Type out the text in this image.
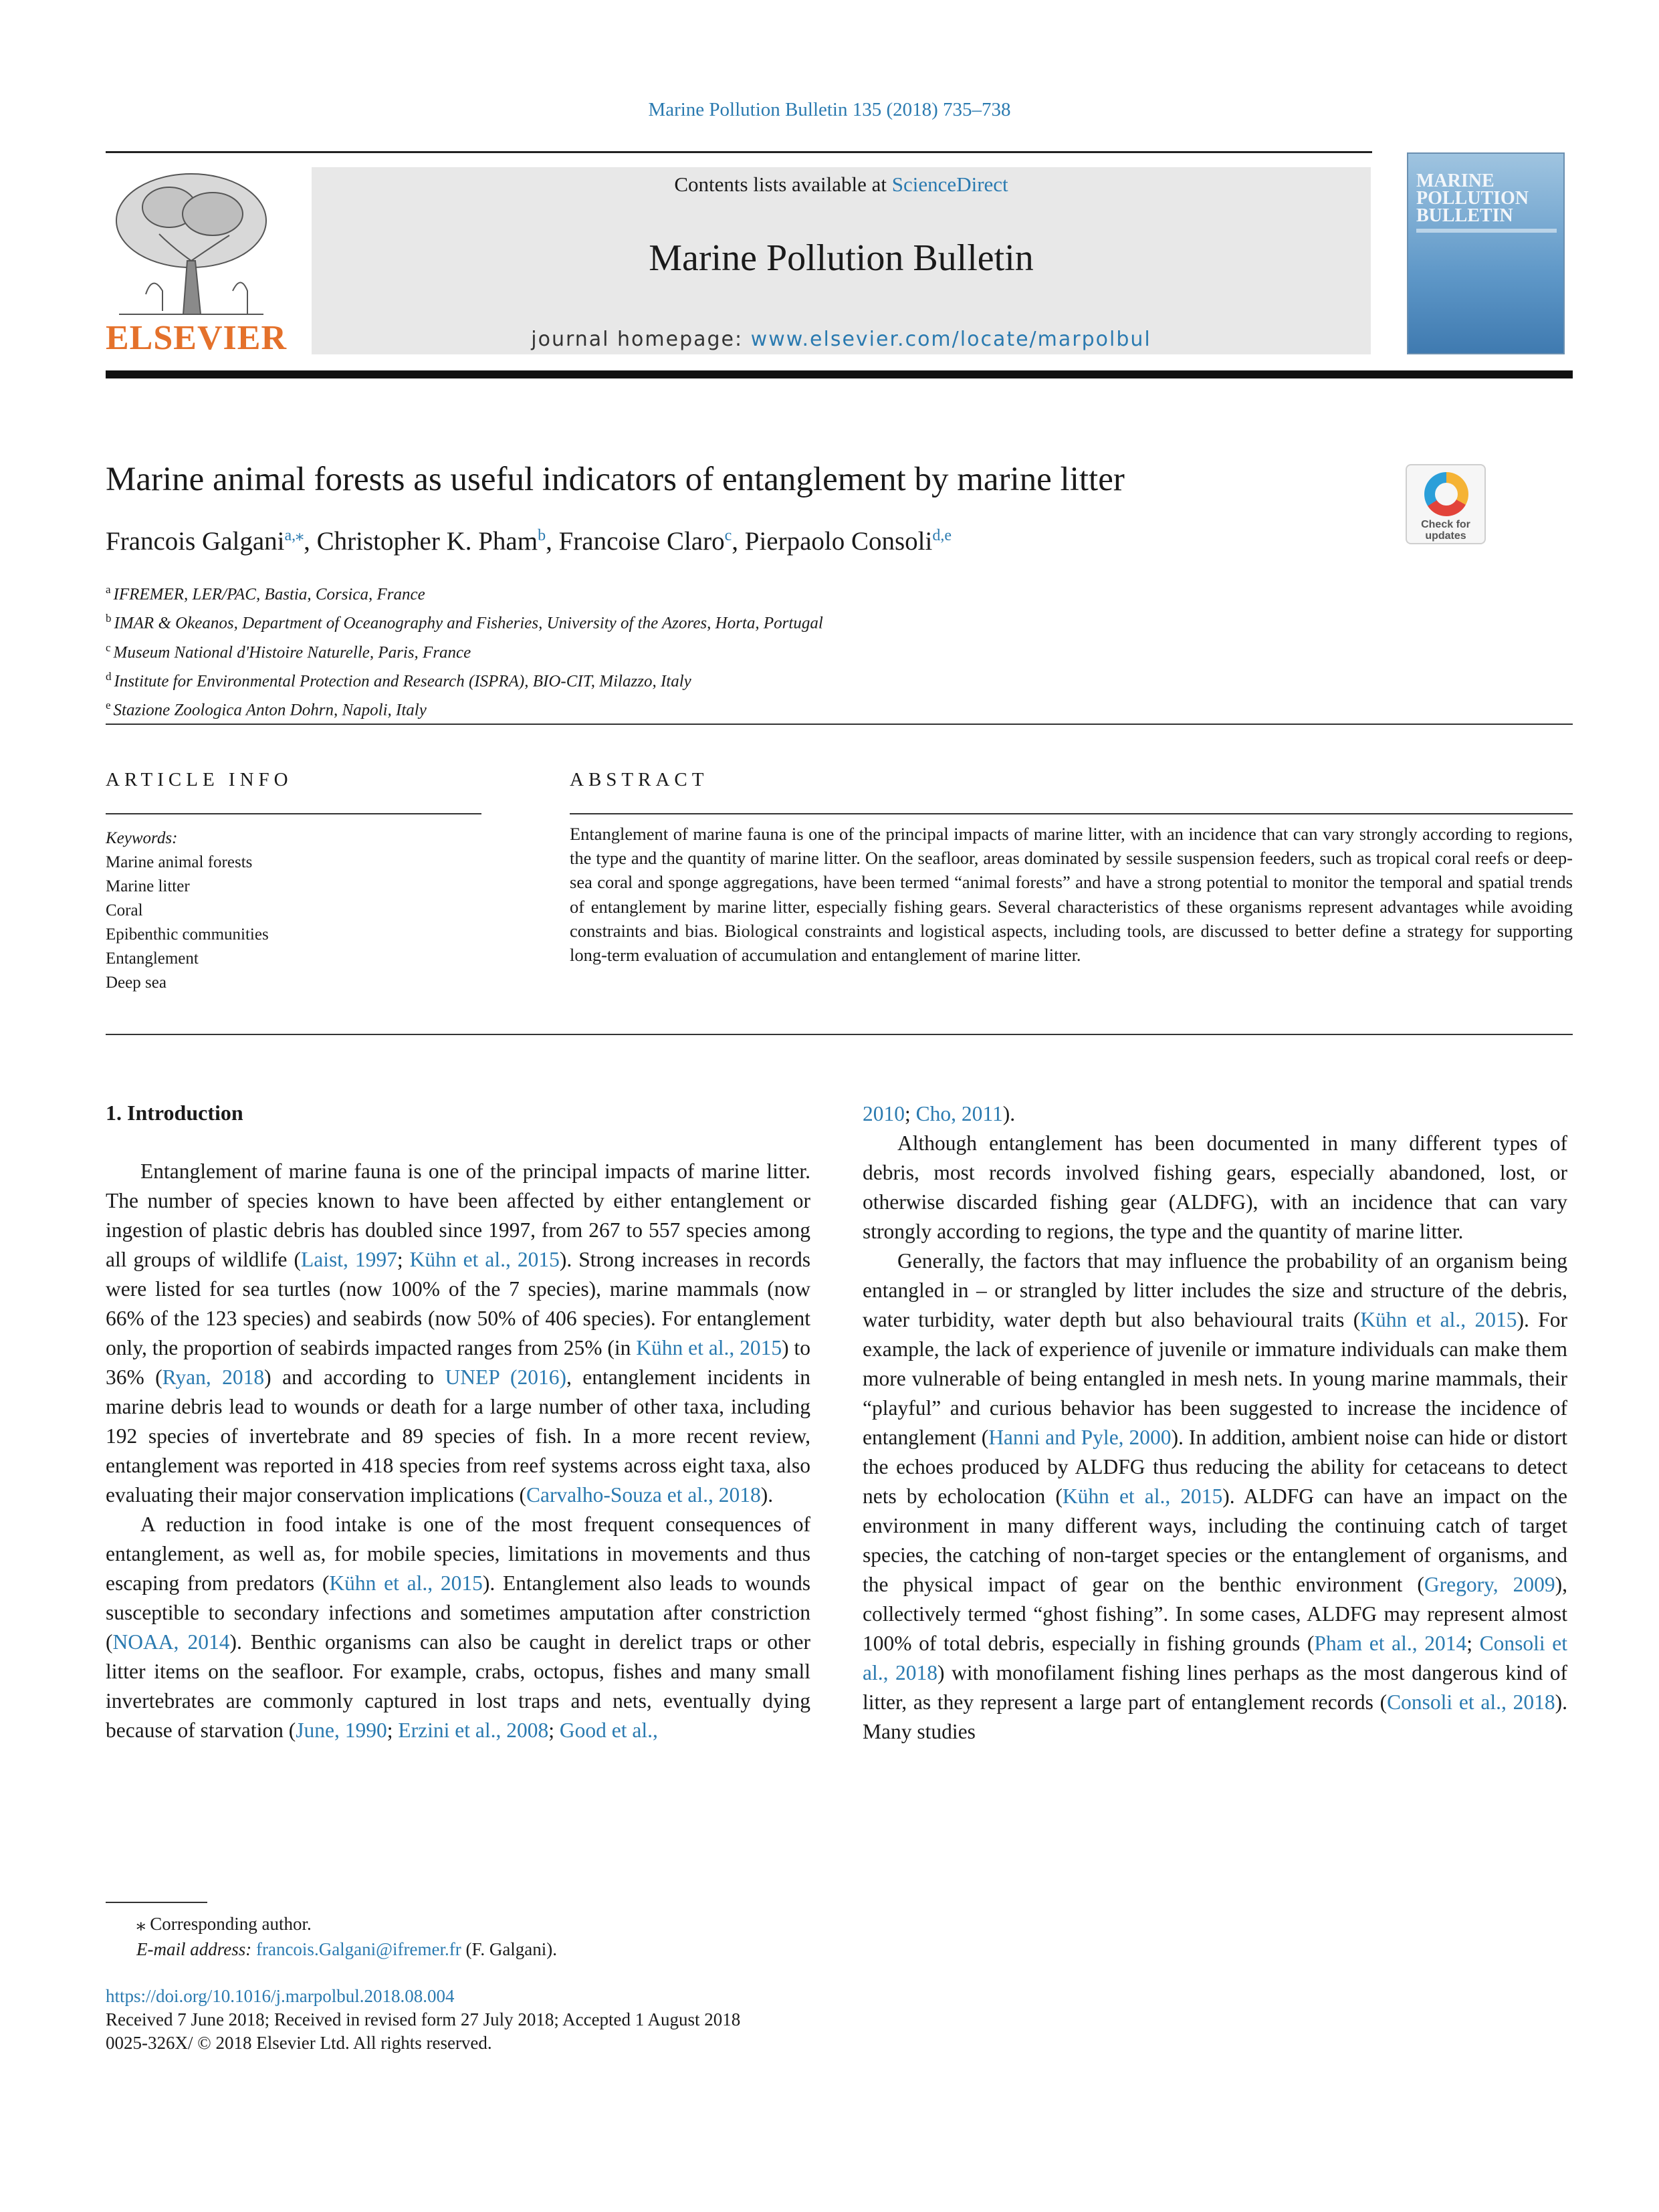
Marine Pollution Bulletin 135 (2018) 735–738
ELSEVIER
Contents lists available at ScienceDirect
Marine Pollution Bulletin
journal homepage: www.elsevier.com/locate/marpolbul
MARINE POLLUTION BULLETIN
Marine animal forests as useful indicators of entanglement by marine litter
Check for updates
Francois Galgani$^{a,⁎}$, Christopher K. Pham$^b$, Francoise Claro$^c$, Pierpaolo Consoli$^{d,e}$
$^a$ IFREMER, LER/PAC, Bastia, Corsica, France
$^b$ IMAR & Okeanos, Department of Oceanography and Fisheries, University of the Azores, Horta, Portugal
$^c$ Museum National d'Histoire Naturelle, Paris, France
$^d$ Institute for Environmental Protection and Research (ISPRA), BIO-CIT, Milazzo, Italy
$^e$ Stazione Zoologica Anton Dohrn, Napoli, Italy
ARTICLE INFO	ABSTRACT
Keywords:
Marine animal forests
Marine litter
Coral
Epibenthic communities
Entanglement
Deep sea
Entanglement of marine fauna is one of the principal impacts of marine litter, with an incidence that can vary strongly according to regions, the type and the quantity of marine litter. On the seafloor, areas dominated by sessile suspension feeders, such as tropical coral reefs or deep-sea coral and sponge aggregations, have been termed “animal forests” and have a strong potential to monitor the temporal and spatial trends of entanglement by marine litter, especially fishing gears. Several characteristics of these organisms represent advantages while avoiding constraints and bias. Biological constraints and logistical aspects, including tools, are discussed to better define a strategy for supporting long-term evaluation of accumulation and entanglement of marine litter.
1. Introduction
Entanglement of marine fauna is one of the principal impacts of marine litter. The number of species known to have been affected by either entanglement or ingestion of plastic debris has doubled since 1997, from 267 to 557 species among all groups of wildlife (Laist, 1997; Kühn et al., 2015). Strong increases in records were listed for sea turtles (now 100% of the 7 species), marine mammals (now 66% of the 123 species) and seabirds (now 50% of 406 species). For entanglement only, the proportion of seabirds impacted ranges from 25% (in Kühn et al., 2015) to 36% (Ryan, 2018) and according to UNEP (2016), entanglement incidents in marine debris lead to wounds or death for a large number of other taxa, including 192 species of invertebrate and 89 species of fish. In a more recent review, entanglement was reported in 418 species from reef systems across eight taxa, also evaluating their major conservation implications (Carvalho-Souza et al., 2018).
A reduction in food intake is one of the most frequent consequences of entanglement, as well as, for mobile species, limitations in movements and thus escaping from predators (Kühn et al., 2015). Entanglement also leads to wounds susceptible to secondary infections and sometimes amputation after constriction (NOAA, 2014). Benthic organisms can also be caught in derelict traps or other litter items on the seafloor. For example, crabs, octopus, fishes and many small invertebrates are commonly captured in lost traps and nets, eventually dying because of starvation (June, 1990; Erzini et al., 2008; Good et al.,
2010; Cho, 2011).
Although entanglement has been documented in many different types of debris, most records involved fishing gears, especially abandoned, lost, or otherwise discarded fishing gear (ALDFG), with an incidence that can vary strongly according to regions, the type and the quantity of marine litter.
Generally, the factors that may influence the probability of an organism being entangled in – or strangled by litter includes the size and structure of the debris, water turbidity, water depth but also behavioural traits (Kühn et al., 2015). For example, the lack of experience of juvenile or immature individuals can make them more vulnerable of being entangled in mesh nets. In young marine mammals, their “playful” and curious behavior has been suggested to increase the incidence of entanglement (Hanni and Pyle, 2000). In addition, ambient noise can hide or distort the echoes produced by ALDFG thus reducing the ability for cetaceans to detect nets by echolocation (Kühn et al., 2015). ALDFG can have an impact on the environment in many different ways, including the continuing catch of target species, the catching of non-target species or the entanglement of organisms, and the physical impact of gear on the benthic environment (Gregory, 2009), collectively termed “ghost fishing”. In some cases, ALDFG may represent almost 100% of total debris, especially in fishing grounds (Pham et al., 2014; Consoli et al., 2018) with monofilament fishing lines perhaps as the most dangerous kind of litter, as they represent a large part of entanglement records (Consoli et al., 2018). Many studies
⁎ Corresponding author.
E-mail address: francois.Galgani@ifremer.fr (F. Galgani).
https://doi.org/10.1016/j.marpolbul.2018.08.004
Received 7 June 2018; Received in revised form 27 July 2018; Accepted 1 August 2018
0025-326X/ © 2018 Elsevier Ltd. All rights reserved.
